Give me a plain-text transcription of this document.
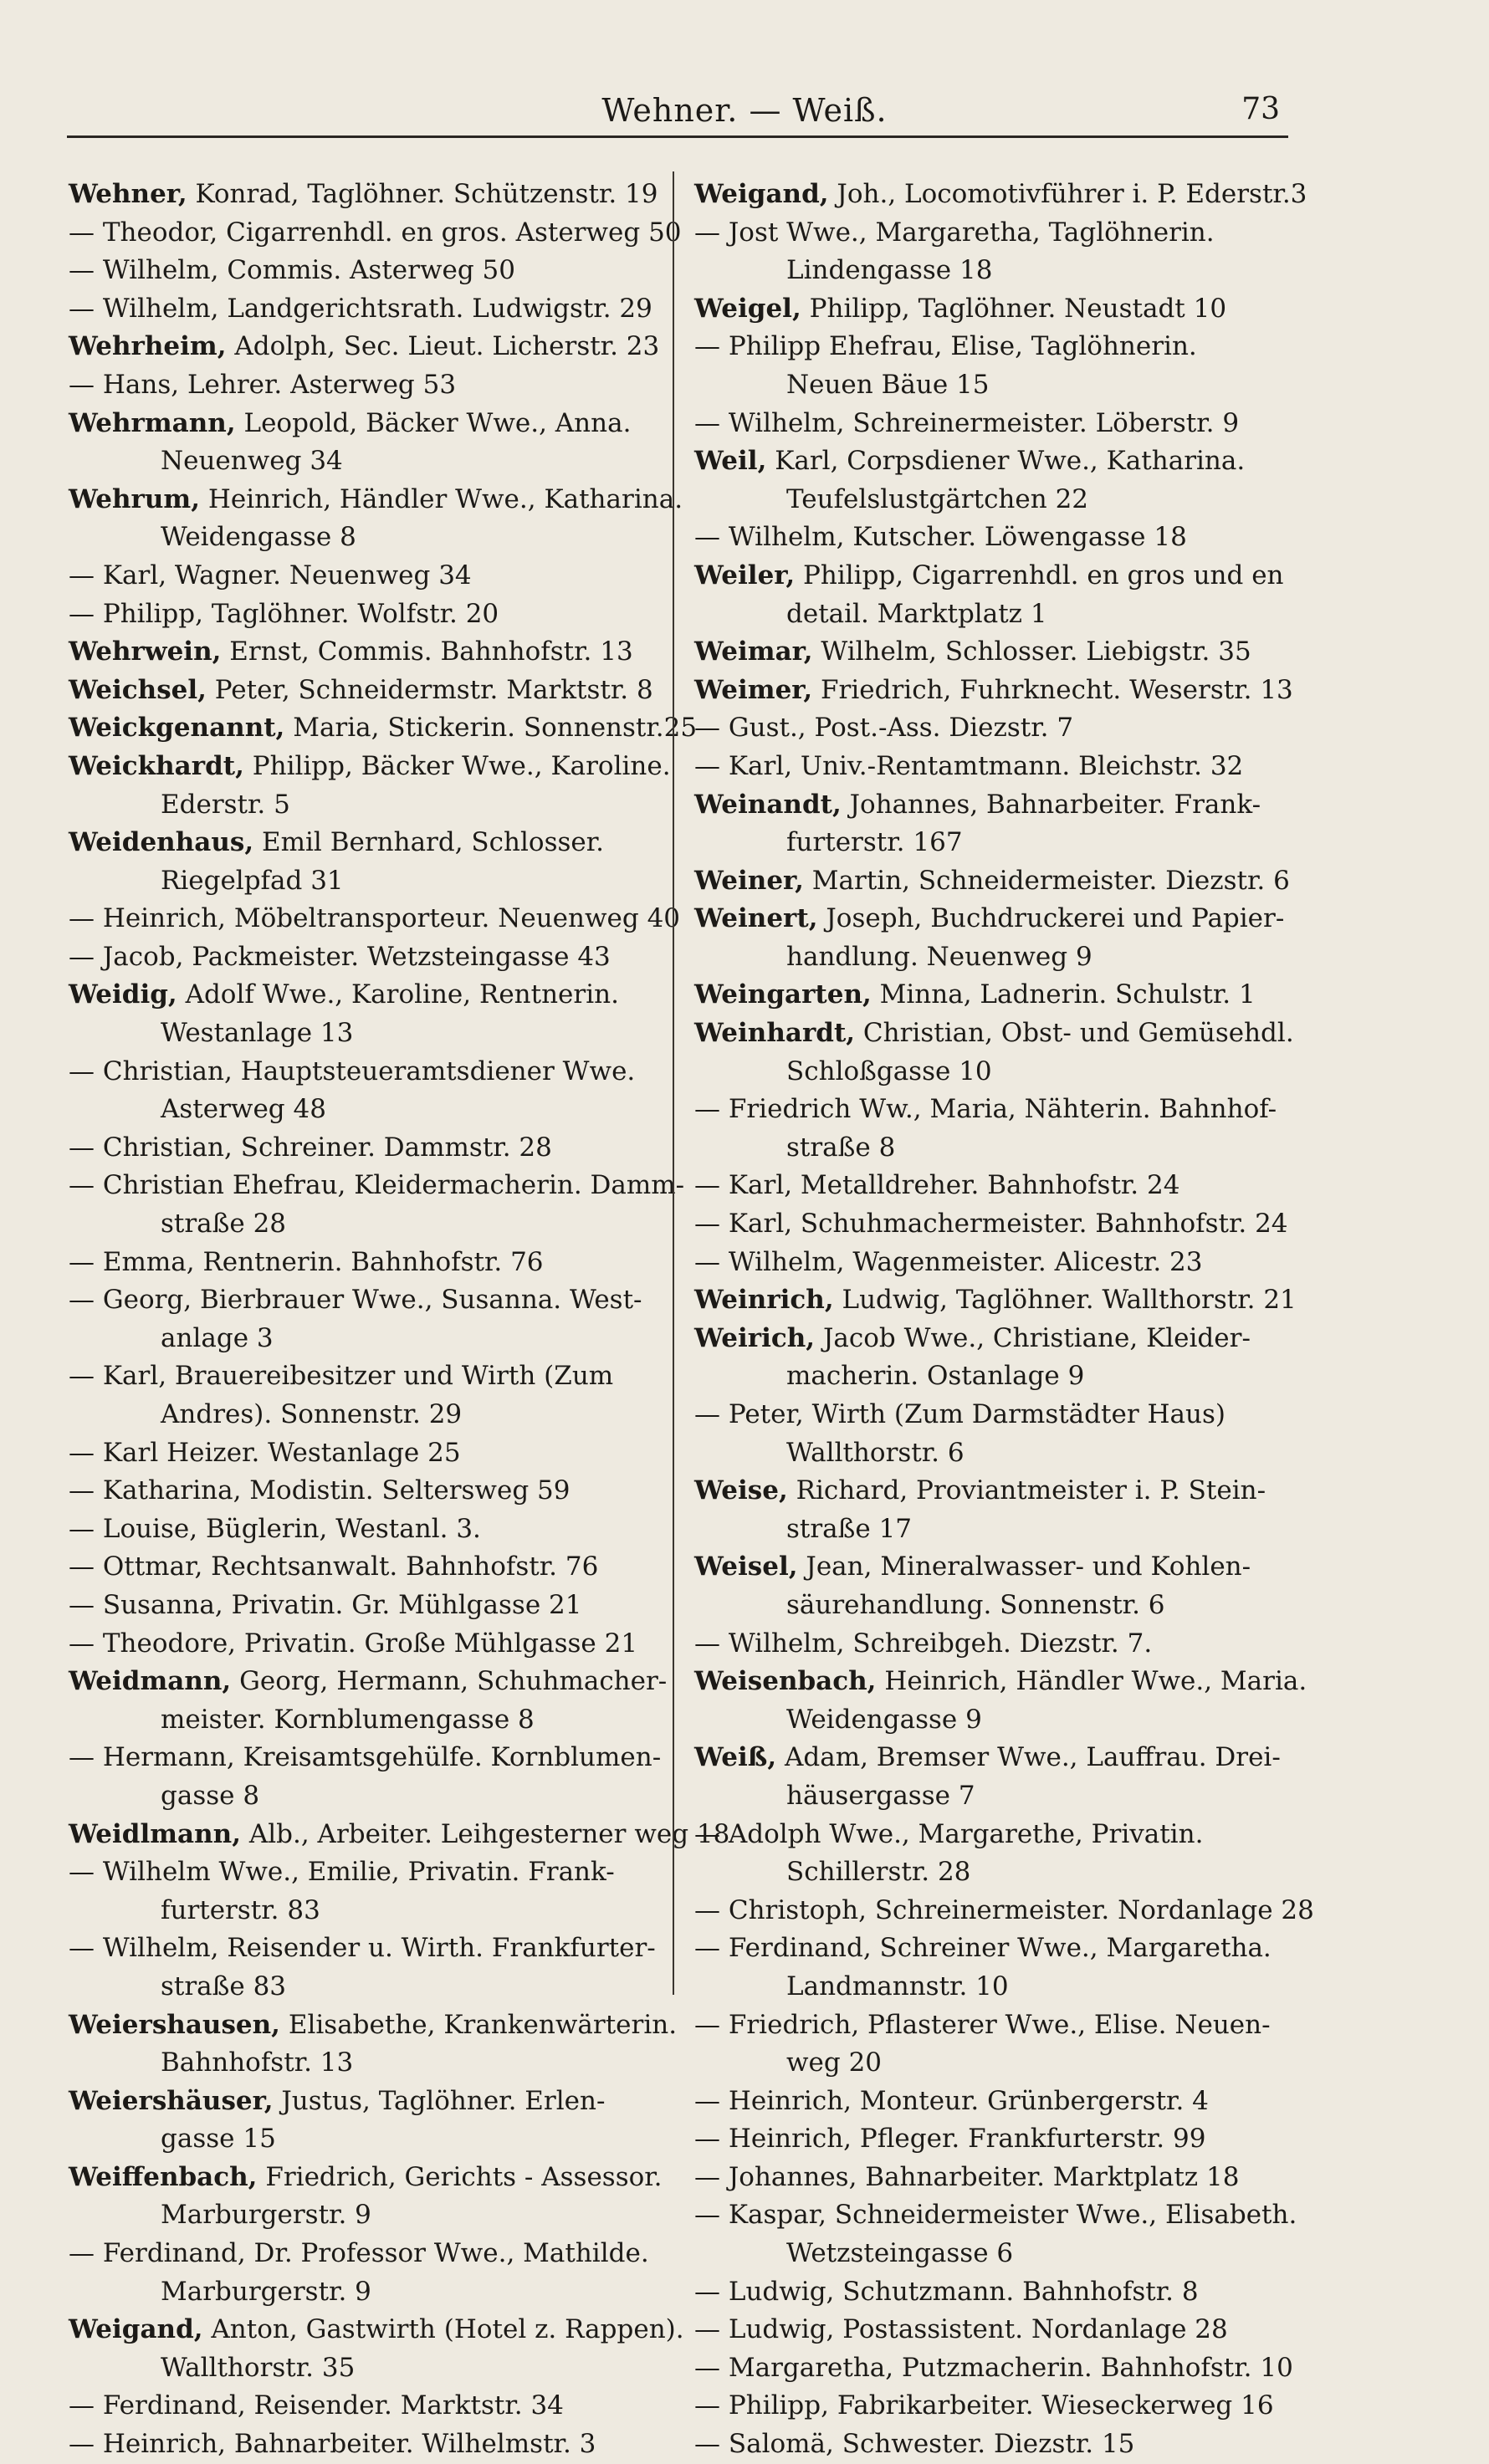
Wehner. — Weiß.	73
Wehner, Konrad, Taglöhner. Schützenstr. 19
— Theodor, Cigarrenhdl. en gros. Asterweg 50
— Wilhelm, Commis. Asterweg 50
— Wilhelm, Landgerichtsrath. Ludwigstr. 29
Wehrheim, Adolph, Sec. Lieut. Licherstr. 23
— Hans, Lehrer. Asterweg 53
Wehrmann, Leopold, Bäcker Wwe., Anna.
Neuenweg 34
Wehrum, Heinrich, Händler Wwe., Katharina.
Weidengasse 8
— Karl, Wagner. Neuenweg 34
— Philipp, Taglöhner. Wolfstr. 20
Wehrwein, Ernst, Commis. Bahnhofstr. 13
Weichsel, Peter, Schneidermstr. Marktstr. 8
Weickgenannt, Maria, Stickerin. Sonnenstr.25
Weickhardt, Philipp, Bäcker Wwe., Karoline.
Ederstr. 5
Weidenhaus, Emil Bernhard, Schlosser.
Riegelpfad 31
— Heinrich, Möbeltransporteur. Neuenweg 40
— Jacob, Packmeister. Wetzsteingasse 43
Weidig, Adolf Wwe., Karoline, Rentnerin.
Westanlage 13
— Christian, Hauptsteueramtsdiener Wwe.
Asterweg 48
— Christian, Schreiner. Dammstr. 28
— Christian Ehefrau, Kleidermacherin. Damm-
straße 28
— Emma, Rentnerin. Bahnhofstr. 76
— Georg, Bierbrauer Wwe., Susanna. West-
anlage 3
— Karl, Brauereibesitzer und Wirth (Zum
Andres). Sonnenstr. 29
— Karl Heizer. Westanlage 25
— Katharina, Modistin. Seltersweg 59
— Louise, Büglerin, Westanl. 3.
— Ottmar, Rechtsanwalt. Bahnhofstr. 76
— Susanna, Privatin. Gr. Mühlgasse 21
— Theodore, Privatin. Große Mühlgasse 21
Weidmann, Georg, Hermann, Schuhmacher-
meister. Kornblumengasse 8
— Hermann, Kreisamtsgehülfe. Kornblumen-
gasse 8
Weidlmann, Alb., Arbeiter. Leihgesterner weg 18
— Wilhelm Wwe., Emilie, Privatin. Frank-
furterstr. 83
— Wilhelm, Reisender u. Wirth. Frankfurter-
straße 83
Weiershausen, Elisabethe, Krankenwärterin.
Bahnhofstr. 13
Weiershäuser, Justus, Taglöhner. Erlen-
gasse 15
Weiffenbach, Friedrich, Gerichts - Assessor.
Marburgerstr. 9
— Ferdinand, Dr. Professor Wwe., Mathilde.
Marburgerstr. 9
Weigand, Anton, Gastwirth (Hotel z. Rappen).
Wallthorstr. 35
— Ferdinand, Reisender. Marktstr. 34
— Heinrich, Bahnarbeiter. Wilhelmstr. 3
Weigand, Joh., Locomotivführer i. P. Ederstr.3
— Jost Wwe., Margaretha, Taglöhnerin.
Lindengasse 18
Weigel, Philipp, Taglöhner. Neustadt 10
— Philipp Ehefrau, Elise, Taglöhnerin.
Neuen Bäue 15
— Wilhelm, Schreinermeister. Löberstr. 9
Weil, Karl, Corpsdiener Wwe., Katharina.
Teufelslustgärtchen 22
— Wilhelm, Kutscher. Löwengasse 18
Weiler, Philipp, Cigarrenhdl. en gros und en
detail. Marktplatz 1
Weimar, Wilhelm, Schlosser. Liebigstr. 35
Weimer, Friedrich, Fuhrknecht. Weserstr. 13
— Gust., Post.-Ass. Diezstr. 7
— Karl, Univ.-Rentamtmann. Bleichstr. 32
Weinandt, Johannes, Bahnarbeiter. Frank-
furterstr. 167
Weiner, Martin, Schneidermeister. Diezstr. 6
Weinert, Joseph, Buchdruckerei und Papier-
handlung. Neuenweg 9
Weingarten, Minna, Ladnerin. Schulstr. 1
Weinhardt, Christian, Obst- und Gemüsehdl.
Schloßgasse 10
— Friedrich Ww., Maria, Nähterin. Bahnhof-
straße 8
— Karl, Metalldreher. Bahnhofstr. 24
— Karl, Schuhmachermeister. Bahnhofstr. 24
— Wilhelm, Wagenmeister. Alicestr. 23
Weinrich, Ludwig, Taglöhner. Wallthorstr. 21
Weirich, Jacob Wwe., Christiane, Kleider-
macherin. Ostanlage 9
— Peter, Wirth (Zum Darmstädter Haus)
Wallthorstr. 6
Weise, Richard, Proviantmeister i. P. Stein-
straße 17
Weisel, Jean, Mineralwasser- und Kohlen-
säurehandlung. Sonnenstr. 6
— Wilhelm, Schreibgeh. Diezstr. 7.
Weisenbach, Heinrich, Händler Wwe., Maria.
Weidengasse 9
Weiß, Adam, Bremser Wwe., Lauffrau. Drei-
häusergasse 7
— Adolph Wwe., Margarethe, Privatin.
Schillerstr. 28
— Christoph, Schreinermeister. Nordanlage 28
— Ferdinand, Schreiner Wwe., Margaretha.
Landmannstr. 10
— Friedrich, Pflasterer Wwe., Elise. Neuen-
weg 20
— Heinrich, Monteur. Grünbergerstr. 4
— Heinrich, Pfleger. Frankfurterstr. 99
— Johannes, Bahnarbeiter. Marktplatz 18
— Kaspar, Schneidermeister Wwe., Elisabeth.
Wetzsteingasse 6
— Ludwig, Schutzmann. Bahnhofstr. 8
— Ludwig, Postassistent. Nordanlage 28
— Margaretha, Putzmacherin. Bahnhofstr. 10
— Philipp, Fabrikarbeiter. Wieseckerweg 16
— Salomä, Schwester. Diezstr. 15
